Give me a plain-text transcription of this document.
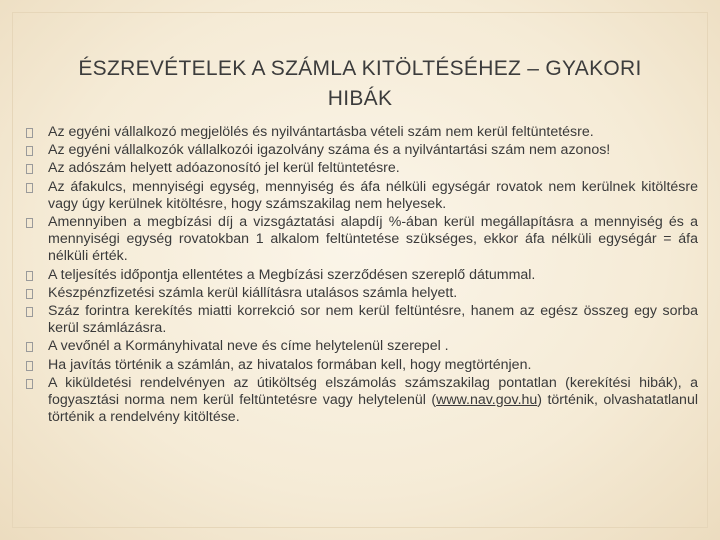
ÉSZREVÉTELEK A SZÁMLA KITÖLTÉSÉHEZ – GYAKORI
HIBÁK
Az egyéni vállalkozó megjelölés és nyilvántartásba vételi szám nem kerül feltüntetésre.
Az egyéni vállalkozók vállalkozói igazolvány száma és a nyilvántartási szám nem azonos!
Az adószám helyett adóazonosító jel kerül feltüntetésre.
Az áfakulcs, mennyiségi egység, mennyiség és áfa nélküli egységár rovatok nem kerülnek kitöltésre vagy úgy kerülnek kitöltésre, hogy számszakilag nem helyesek.
Amennyiben a megbízási díj a vizsgáztatási alapdíj %-ában kerül megállapításra a mennyiség és a mennyiségi egység rovatokban 1 alkalom feltüntetése szükséges, ekkor áfa nélküli egységár = áfa nélküli érték.
A teljesítés időpontja ellentétes a Megbízási szerződésen szereplő dátummal.
Készpénzfizetési számla kerül kiállításra utalásos számla helyett.
Száz forintra kerekítés miatti korrekció sor nem kerül feltüntésre, hanem az egész összeg egy sorba kerül számlázásra.
A vevőnél a Kormányhivatal neve és címe helytelenül szerepel .
Ha javítás történik a számlán, az hivatalos formában kell, hogy megtörténjen.
A kiküldetési rendelvényen az útiköltség elszámolás számszakilag pontatlan (kerekítési hibák), a fogyasztási norma nem kerül feltüntetésre vagy helytelenül (www.nav.gov.hu) történik, olvashatatlanul történik a rendelvény kitöltése.
